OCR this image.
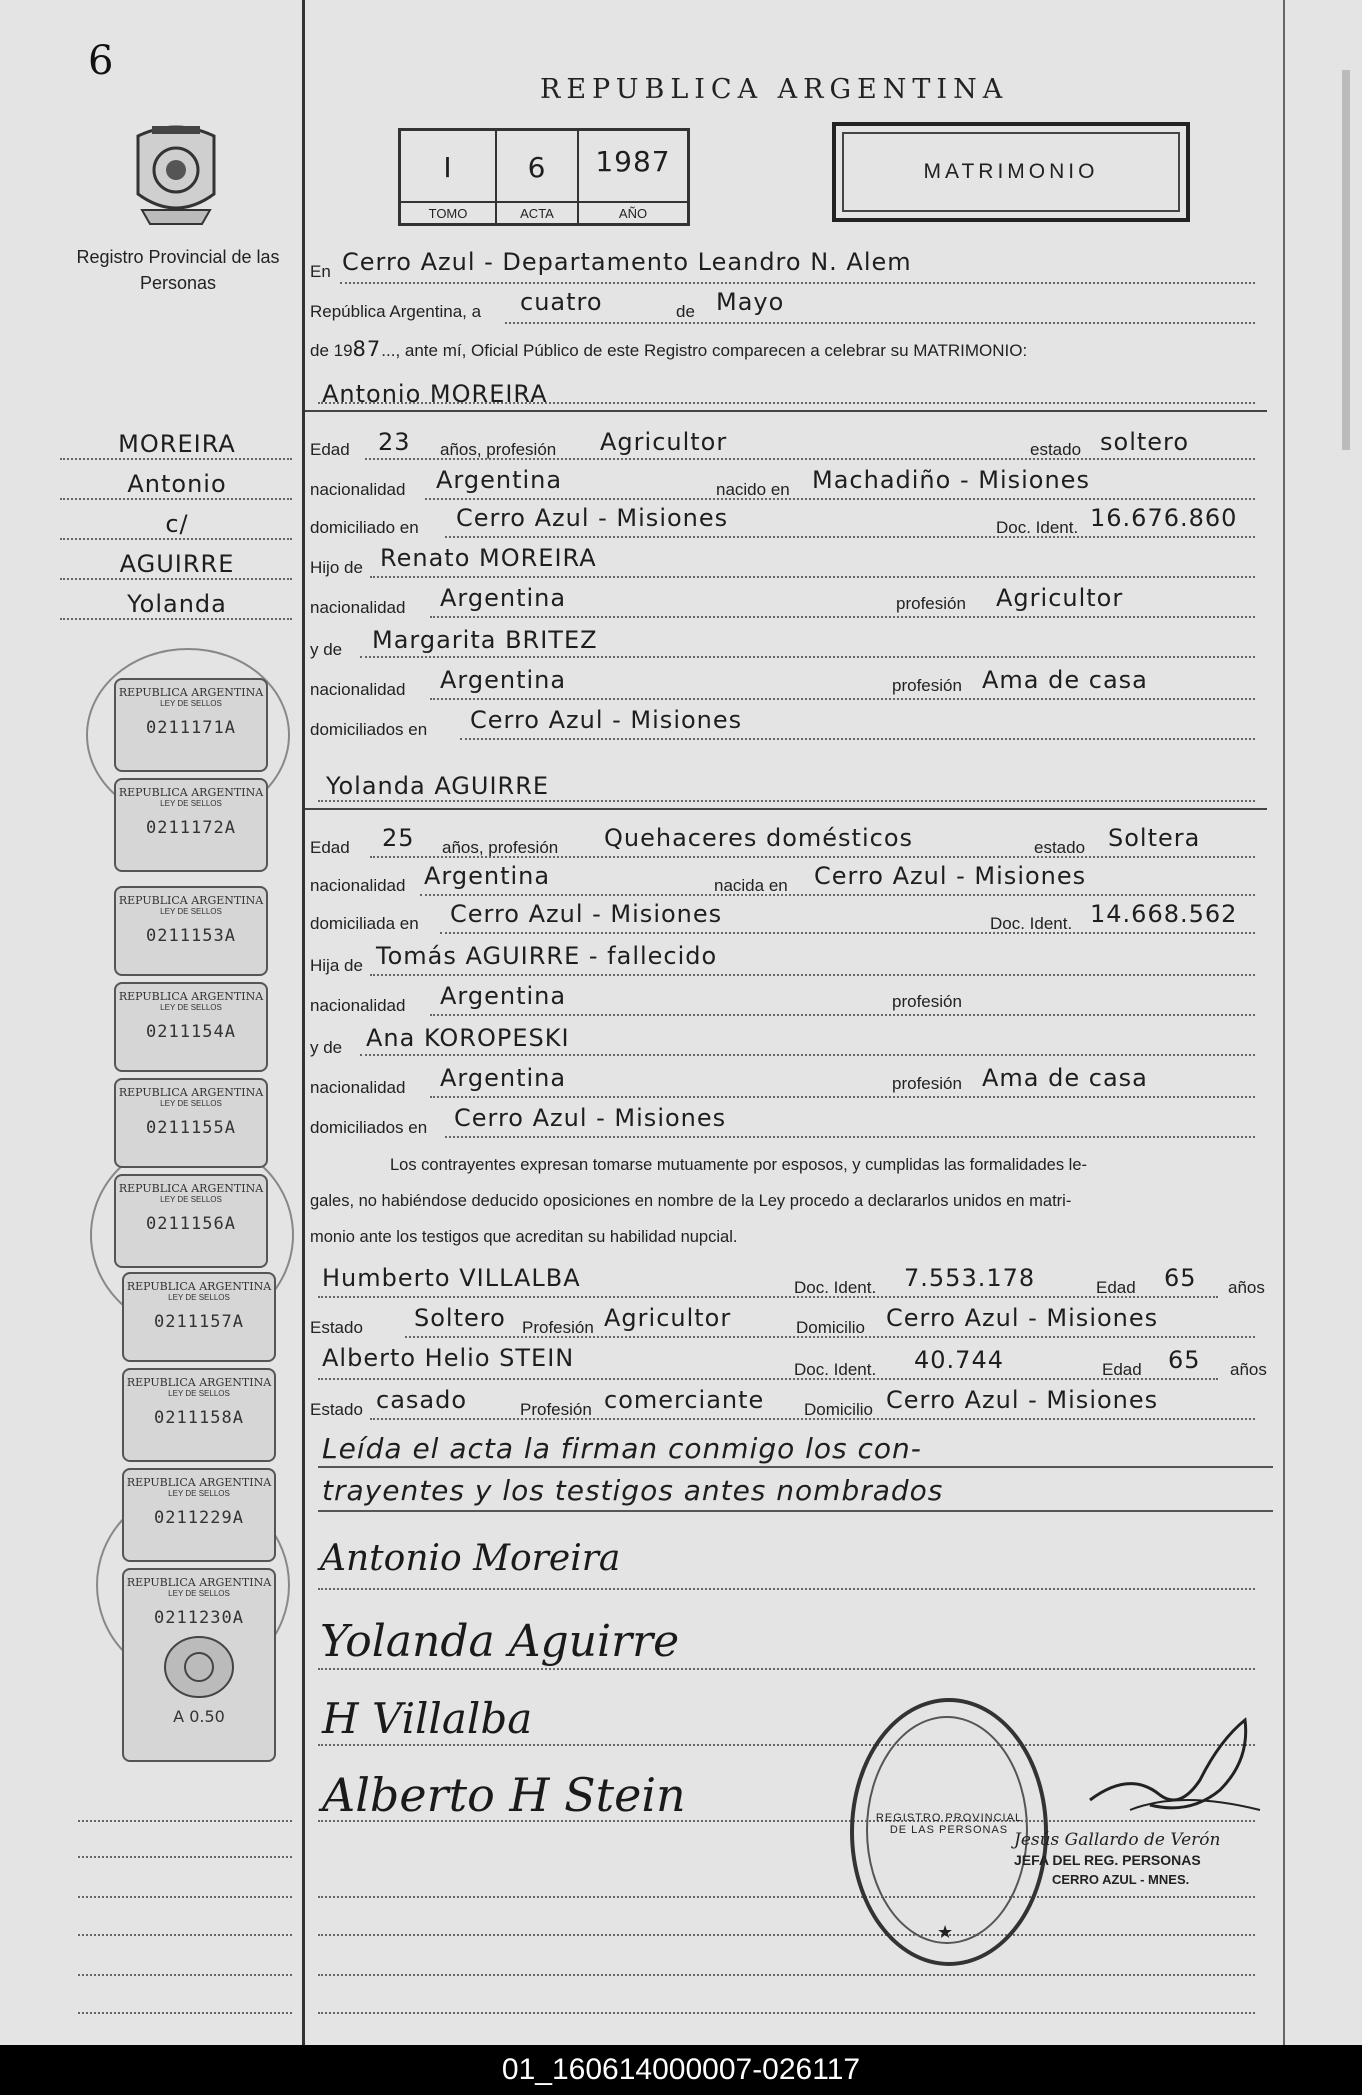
6
Registro Provincial de las Personas
REPUBLICA ARGENTINA
I
TOMO
6
ACTA
1987
AÑO
MATRIMONIO
MOREIRA
Antonio
c/
AGUIRRE
Yolanda
REPUBLICA ARGENTINA
LEY DE SELLOS
0211171A
REPUBLICA ARGENTINA
LEY DE SELLOS
0211172A
REPUBLICA ARGENTINA
LEY DE SELLOS
0211153A
REPUBLICA ARGENTINA
LEY DE SELLOS
0211154A
REPUBLICA ARGENTINA
LEY DE SELLOS
0211155A
REPUBLICA ARGENTINA
LEY DE SELLOS
0211156A
REPUBLICA ARGENTINA
LEY DE SELLOS
0211157A
REPUBLICA ARGENTINA
LEY DE SELLOS
0211158A
REPUBLICA ARGENTINA
LEY DE SELLOS
0211229A
REPUBLICA ARGENTINA
LEY DE SELLOS
0211230A
A 0.50
En Cerro Azul - Departamento Leandro N. Alem
República Argentina, a cuatro	de Mayo
de 1987..., ante mí, Oficial Público de este Registro comparecen a celebrar su MATRIMONIO:
Antonio MOREIRA
Edad 23 años, profesión Agricultor	estado soltero
nacionalidad Argentina	nacido en Machadiño - Misiones
domiciliado en Cerro Azul - Misiones	Doc. Ident. 16.676.860
Hijo de Renato MOREIRA
nacionalidad Argentina	profesión Agricultor
y de Margarita BRITEZ
nacionalidad Argentina	profesión Ama de casa
domiciliados en Cerro Azul - Misiones
Yolanda AGUIRRE
Edad 25 años, profesión Quehaceres domésticos	estado Soltera
nacionalidad Argentina	nacida en Cerro Azul - Misiones
domiciliada en Cerro Azul - Misiones	Doc. Ident. 14.668.562
Hija de Tomás AGUIRRE - fallecido
nacionalidad Argentina	profesión
y de Ana KOROPESKI
nacionalidad Argentina	profesión Ama de casa
domiciliados en Cerro Azul - Misiones
Los contrayentes expresan tomarse mutuamente por esposos, y cumplidas las formalidades le-
gales, no habiéndose deducido oposiciones en nombre de la Ley procedo a declararlos unidos en matri-
monio ante los testigos que acreditan su habilidad nupcial.
Humberto VILLALBA	Doc. Ident. 7.553.178	Edad 65 años
Estado Soltero Profesión Agricultor	Domicilio Cerro Azul - Misiones
Alberto Helio STEIN	Doc. Ident. 40.744	Edad 65 años
Estado casado	Profesión comerciante Domicilio Cerro Azul - Misiones
Leída el acta la firman conmigo los con-
trayentes y los testigos antes nombrados
Antonio Moreira
Yolanda Aguirre
H Villalba
Alberto H Stein	REGISTRO PROVINCIAL DE LAS PERSONAS
★
Jesús Gallardo de Verón
JEFA DEL REG. PERSONAS
CERRO AZUL - MNES.
01_160614000007-026117
